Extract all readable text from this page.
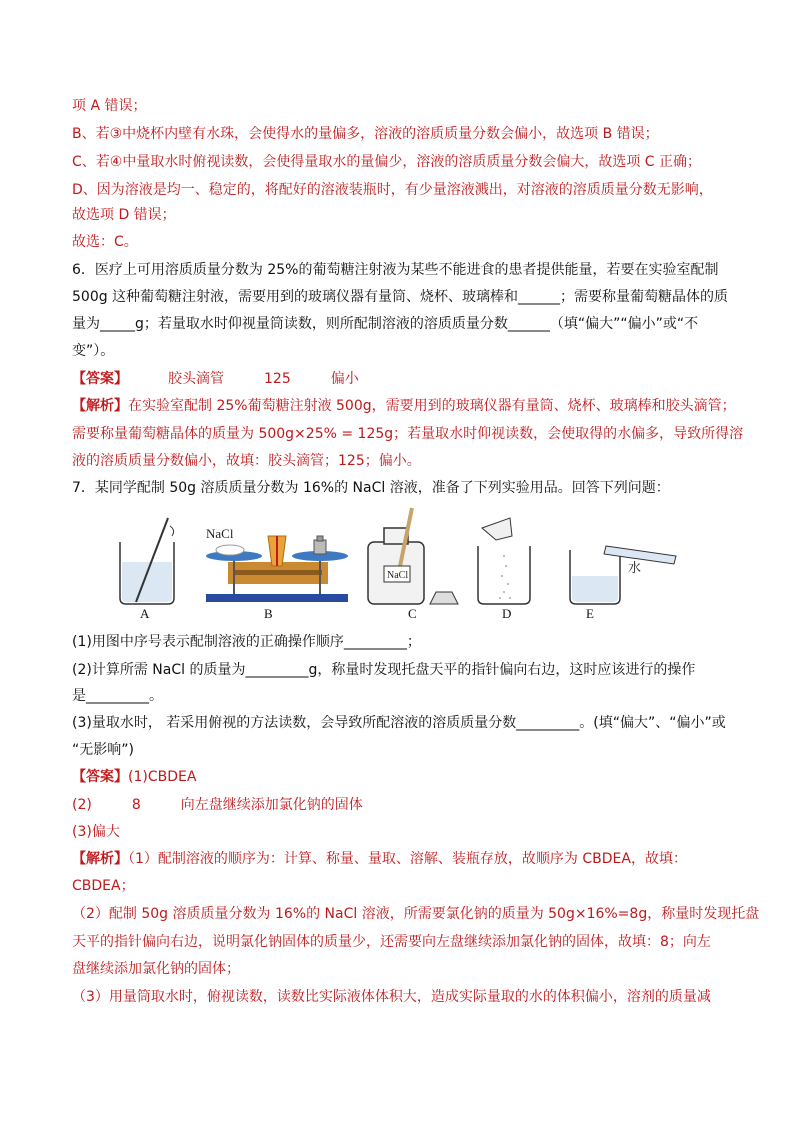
项 A 错误；
B、若③中烧杯内壁有水珠，会使得水的量偏多，溶液的溶质质量分数会偏小，故选项 B 错误；
C、若④中量取水时俯视读数，会使得量取水的量偏少，溶液的溶质质量分数会偏大，故选项 C 正确；
D、因为溶液是均一、稳定的，将配好的溶液装瓶时，有少量溶液溅出，对溶液的溶质质量分数无影响，
故选项 D 错误；
故选：C。
6．医疗上可用溶质质量分数为 25%的葡萄糖注射液为某些不能进食的患者提供能量，若要在实验室配制
500g 这种葡萄糖注射液，需要用到的玻璃仪器有量筒、烧杯、玻璃棒和______；需要称量葡萄糖晶体的质
量为_____g；若量取水时仰视量筒读数，则所配制溶液的溶质质量分数______（填“偏大”“偏小”或“不
变”）。
【答案】	胶头滴管	125	偏小
【解析】在实验室配制 25%葡萄糖注射液 500g，需要用到的玻璃仪器有量筒、烧杯、玻璃棒和胶头滴管；
需要称量葡萄糖晶体的质量为 500g×25% = 125g；若量取水时仰视读数，会使取得的水偏多，导致所得溶
液的溶质质量分数偏小，故填：胶头滴管；125；偏小。
7．某同学配制 50g 溶质质量分数为 16%的 NaCl 溶液，准备了下列实验用品。回答下列问题：
NaCl
NaCl
水
A	B	C	D	E
(1)用图中序号表示配制溶液的正确操作顺序_________；
(2)计算所需 NaCl 的质量为_________g，称量时发现托盘天平的指针偏向右边，这时应该进行的操作
是_________。
(3)量取水时， 若采用俯视的方法读数，会导致所配溶液的溶质质量分数_________。(填“偏大”、“偏小”或
“无影响”)
【答案】(1)CBDEA
(2)	8	向左盘继续添加氯化钠的固体
(3)偏大
【解析】（1）配制溶液的顺序为：计算、称量、量取、溶解、装瓶存放，故顺序为 CBDEA，故填：
CBDEA；
（2）配制 50g 溶质质量分数为 16%的 NaCl 溶液，所需要氯化钠的质量为 50g×16%=8g，称量时发现托盘
天平的指针偏向右边，说明氯化钠固体的质量少，还需要向左盘继续添加氯化钠的固体，故填：8；向左
盘继续添加氯化钠的固体；
（3）用量筒取水时，俯视读数，读数比实际液体体积大，造成实际量取的水的体积偏小，溶剂的质量减
